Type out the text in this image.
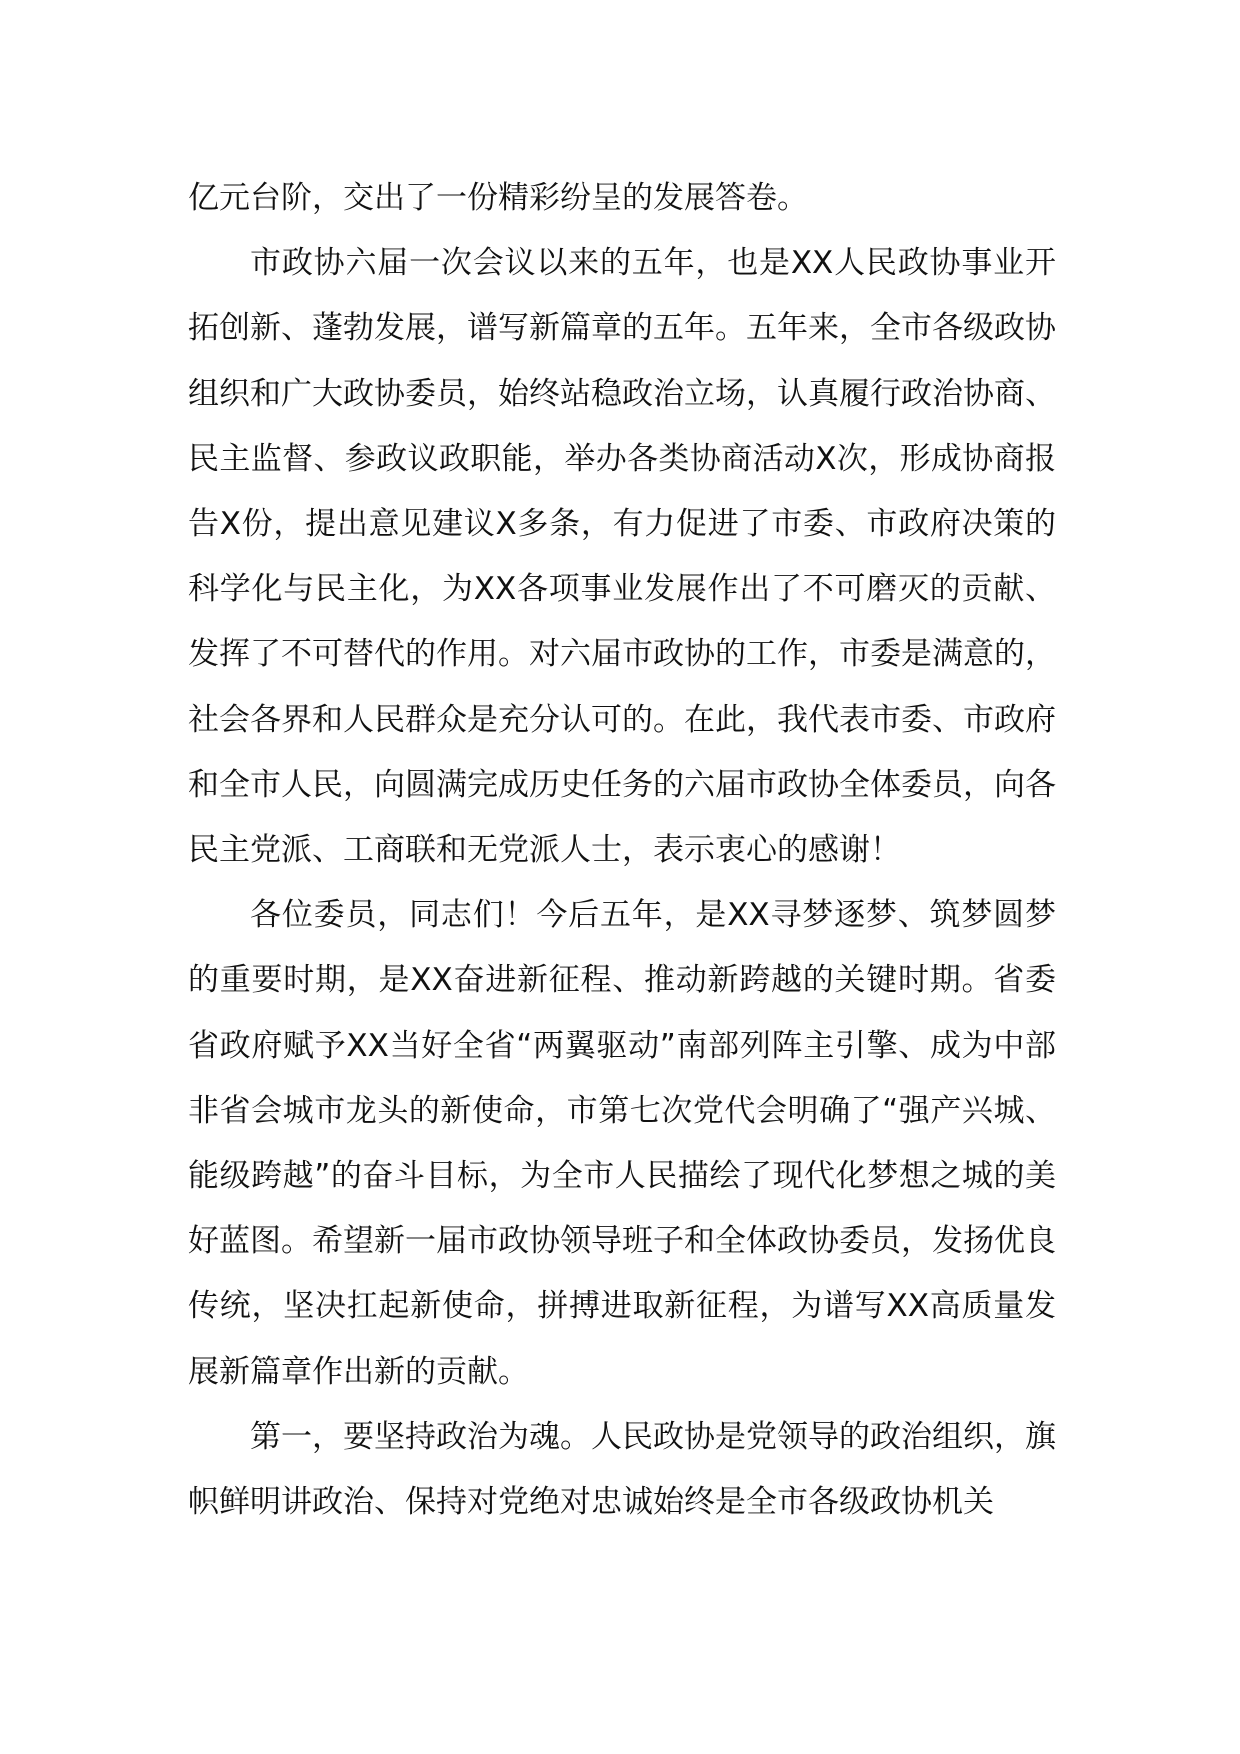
亿元台阶，交出了一份精彩纷呈的发展答卷。

市政协六届一次会议以来的五年，也是XX人民政协事业开拓创新、蓬勃发展，谱写新篇章的五年。五年来，全市各级政协组织和广大政协委员，始终站稳政治立场，认真履行政治协商、民主监督、参政议政职能，举办各类协商活动X次，形成协商报告X份，提出意见建议X多条，有力促进了市委、市政府决策的科学化与民主化，为XX各项事业发展作出了不可磨灭的贡献、发挥了不可替代的作用。对六届市政协的工作，市委是满意的，社会各界和人民群众是充分认可的。在此，我代表市委、市政府和全市人民，向圆满完成历史任务的六届市政协全体委员，向各民主党派、工商联和无党派人士，表示衷心的感谢！

各位委员，同志们！今后五年，是XX寻梦逐梦、筑梦圆梦的重要时期，是XX奋进新征程、推动新跨越的关键时期。省委省政府赋予XX当好全省“两翼驱动”南部列阵主引擎、成为中部非省会城市龙头的新使命，市第七次党代会明确了“强产兴城、能级跨越”的奋斗目标，为全市人民描绘了现代化梦想之城的美好蓝图。希望新一届市政协领导班子和全体政协委员，发扬优良传统，坚决扛起新使命，拼搏进取新征程，为谱写XX高质量发展新篇章作出新的贡献。

第一，要坚持政治为魂。人民政协是党领导的政治组织，旗帜鲜明讲政治、保持对党绝对忠诚始终是全市各级政协机关
